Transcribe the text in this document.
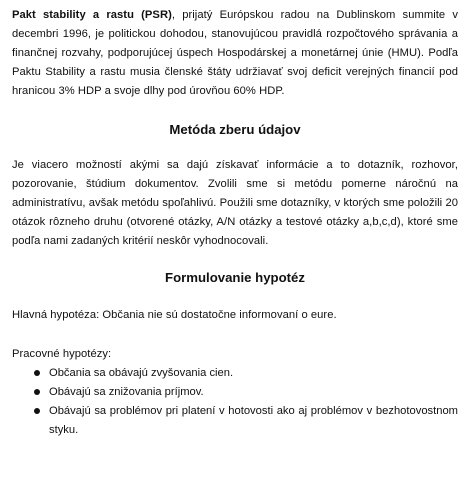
Pakt stability a rastu (PSR), prijatý Európskou radou na Dublinskom summite v decembri 1996, je politickou dohodou, stanovujúcou pravidlá rozpočtového správania a finančnej rozvahy, podporujúcej úspech Hospodárskej a monetárnej únie (HMU). Podľa Paktu Stability a rastu musia členské štáty udržiavať svoj deficit verejných financií pod hranicou 3% HDP a svoje dlhy pod úrovňou 60% HDP.

Metóda zberu údajov

Je viacero možností akými sa dajú získavať informácie a to dotazník, rozhovor, pozorovanie, štúdium dokumentov. Zvolili sme si metódu pomerne náročnú na administratívu, avšak metódu spoľahlivú. Použili sme dotazníky, v ktorých sme položili 20 otázok rôzneho druhu (otvorené otázky, A/N otázky a testové otázky a,b,c,d), ktoré sme podľa nami zadaných kritérií neskôr vyhodnocovali.

Formulovanie hypotéz

Hlavná hypotéza: Občania nie sú dostatočne informovaní o eure.

Pracovné hypotézy:

Občania sa obávajú zvyšovania cien.
Obávajú sa znižovania príjmov.
Obávajú sa problémov pri platení v hotovosti ako aj problémov v bezhotovostnom styku.
